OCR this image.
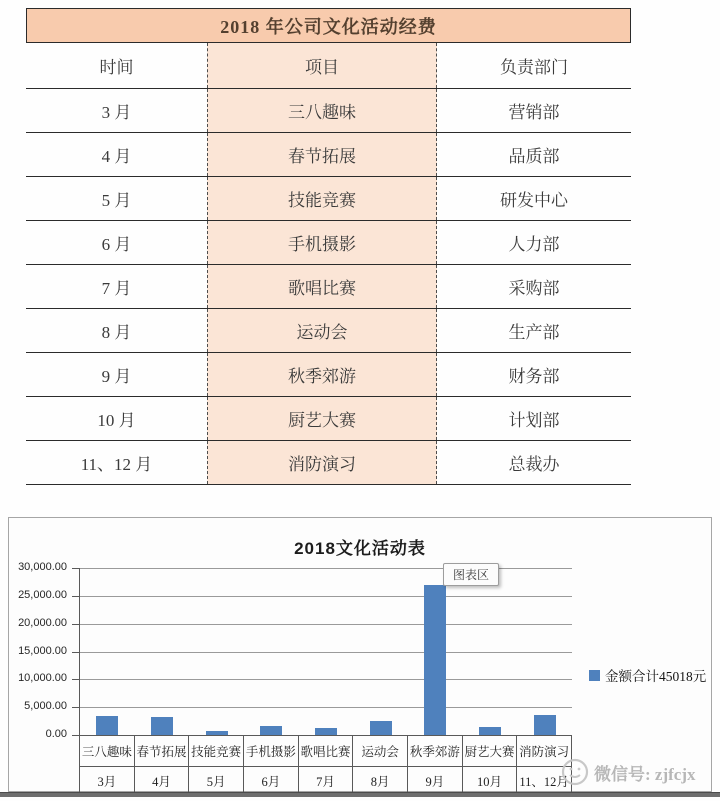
2018 年公司文化活动经费
时间	项目	负责部门
3 月	三八趣味	营销部
4 月	春节拓展	品质部
5 月	技能竞赛	研发中心
6 月	手机摄影	人力部
7 月	歌唱比赛	采购部
8 月	运动会	生产部
9 月	秋季郊游	财务部
10 月	厨艺大赛	计划部
11、12 月	消防演习	总裁办
2018文化活动表
三八趣味 春节拓展 技能竞赛 手机摄影 歌唱比赛 运动会 秋季郊游 厨艺大赛 消防演习
3月	4月	5月	6月	7月	8月	9月	10月	11、12月
金额合计45018元
图表区
微信号: zjfcjx
30,000.00
25,000.00
20,000.00
15,000.00
10,000.00
5,000.00
0.00
